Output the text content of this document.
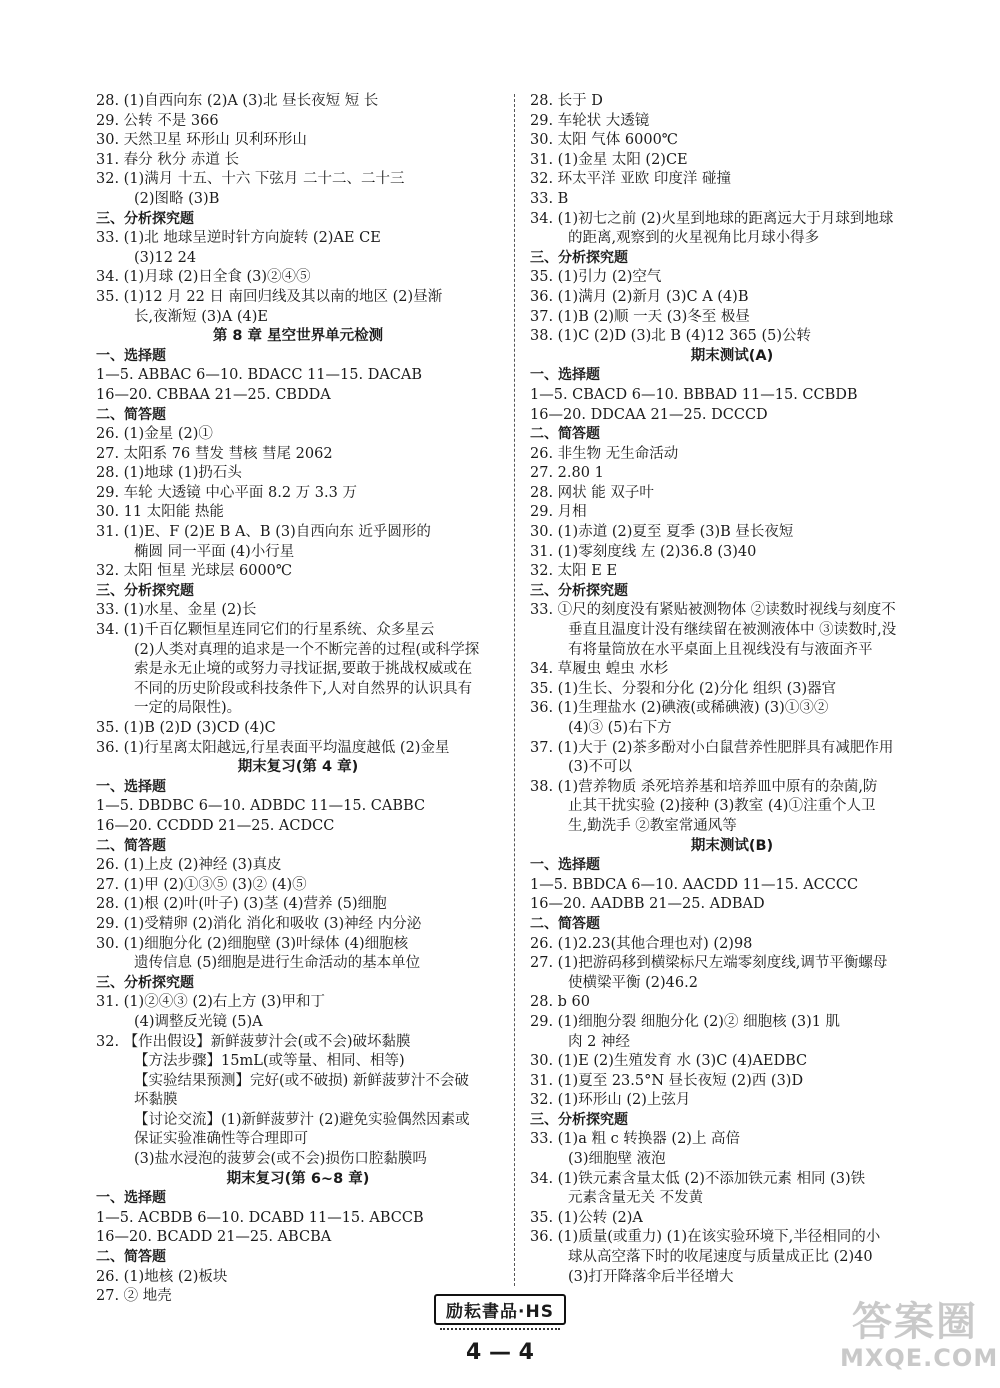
28. (1)自西向东 (2)A (3)北 昼长夜短 短 长
29. 公转 不是 366
30. 天然卫星 环形山 贝利环形山
31. 春分 秋分 赤道 长
32. (1)满月 十五、十六 下弦月 二十二、二十三
(2)图略 (3)B
三、分析探究题
33. (1)北 地球呈逆时针方向旋转 (2)AE CE
(3)12 24
34. (1)月球 (2)日全食 (3)②④⑤
35. (1)12 月 22 日 南回归线及其以南的地区 (2)昼渐
长,夜渐短 (3)A (4)E
第 8 章 星空世界单元检测
一、选择题
1—5. ABBAC 6—10. BDACC 11—15. DACAB
16—20. CBBAA 21—25. CBDDA
二、简答题
26. (1)金星 (2)①
27. 太阳系 76 彗发 彗核 彗尾 2062
28. (1)地球 (1)扔石头
29. 车轮 大透镜 中心平面 8.2 万 3.3 万
30. 11 太阳能 热能
31. (1)E、F (2)E B A、B (3)自西向东 近乎圆形的
椭圆 同一平面 (4)小行星
32. 太阳 恒星 光球层 6000℃
三、分析探究题
33. (1)水星、金星 (2)长
34. (1)千百亿颗恒星连同它们的行星系统、众多星云
(2)人类对真理的追求是一个不断完善的过程(或科学探
索是永无止境的或努力寻找证据,要敢于挑战权威或在
不同的历史阶段或科技条件下,人对自然界的认识具有
一定的局限性)。
35. (1)B (2)D (3)CD (4)C
36. (1)行星离太阳越远,行星表面平均温度越低 (2)金星
期末复习(第 4 章)
一、选择题
1—5. DBDBC 6—10. ADBDC 11—15. CABBC
16—20. CCDDD 21—25. ACDCC
二、简答题
26. (1)上皮 (2)神经 (3)真皮
27. (1)甲 (2)①③⑤ (3)② (4)⑤
28. (1)根 (2)叶(叶子) (3)茎 (4)营养 (5)细胞
29. (1)受精卵 (2)消化 消化和吸收 (3)神经 内分泌
30. (1)细胞分化 (2)细胞壁 (3)叶绿体 (4)细胞核
遗传信息 (5)细胞是进行生命活动的基本单位
三、分析探究题
31. (1)②④③ (2)右上方 (3)甲和丁
(4)调整反光镜 (5)A
32. 【作出假设】新鲜菠萝汁会(或不会)破坏黏膜
【方法步骤】15mL(或等量、相同、相等)
【实验结果预测】完好(或不破损) 新鲜菠萝汁不会破
坏黏膜
【讨论交流】(1)新鲜菠萝汁 (2)避免实验偶然因素或
保证实验准确性等合理即可
(3)盐水浸泡的菠萝会(或不会)损伤口腔黏膜吗
期末复习(第 6~8 章)
一、选择题
1—5. ACBDB 6—10. DCABD 11—15. ABCCB
16—20. BCADD 21—25. ABCBA
二、简答题
26. (1)地核 (2)板块
27. ② 地壳
28. 长于 D
29. 车轮状 大透镜
30. 太阳 气体 6000℃
31. (1)金星 太阳 (2)CE
32. 环太平洋 亚欧 印度洋 碰撞
33. B
34. (1)初七之前 (2)火星到地球的距离远大于月球到地球
的距离,观察到的火星视角比月球小得多
三、分析探究题
35. (1)引力 (2)空气
36. (1)满月 (2)新月 (3)C A (4)B
37. (1)B (2)顺 一天 (3)冬至 极昼
38. (1)C (2)D (3)北 B (4)12 365 (5)公转
期末测试(A)
一、选择题
1—5. CBACD 6—10. BBBAD 11—15. CCBDB
16—20. DDCAA 21—25. DCCCD
二、简答题
26. 非生物 无生命活动
27. 2.80 1
28. 网状 能 双子叶
29. 月相
30. (1)赤道 (2)夏至 夏季 (3)B 昼长夜短
31. (1)零刻度线 左 (2)36.8 (3)40
32. 太阳 E E
三、分析探究题
33. ①尺的刻度没有紧贴被测物体 ②读数时视线与刻度不
垂直且温度计没有继续留在被测液体中 ③读数时,没
有将量筒放在水平桌面上且视线没有与液面齐平
34. 草履虫 蝗虫 水杉
35. (1)生长、分裂和分化 (2)分化 组织 (3)器官
36. (1)生理盐水 (2)碘液(或稀碘液) (3)①③②
(4)③ (5)右下方
37. (1)大于 (2)茶多酚对小白鼠营养性肥胖具有减肥作用
(3)不可以
38. (1)营养物质 杀死培养基和培养皿中原有的杂菌,防
止其干扰实验 (2)接种 (3)教室 (4)①注重个人卫
生,勤洗手 ②教室常通风等
期末测试(B)
一、选择题
1—5. BBDCA 6—10. AACDD 11—15. ACCCC
16—20. AADBB 21—25. ADBAD
二、简答题
26. (1)2.23(其他合理也对) (2)98
27. (1)把游码移到横梁标尺左端零刻度线,调节平衡螺母
使横梁平衡 (2)46.2
28. b 60
29. (1)细胞分裂 细胞分化 (2)② 细胞核 (3)1 肌
肉 2 神经
30. (1)E (2)生殖发育 水 (3)C (4)AEDBC
31. (1)夏至 23.5°N 昼长夜短 (2)西 (3)D
32. (1)环形山 (2)上弦月
三、分析探究题
33. (1)a 粗 c 转换器 (2)上 高倍
(3)细胞壁 液泡
34. (1)铁元素含量太低 (2)不添加铁元素 相同 (3)铁
元素含量无关 不发黄
35. (1)公转 (2)A
36. (1)质量(或重力) (1)在该实验环境下,半径相同的小
球从高空落下时的收尾速度与质量成正比 (2)40
(3)打开降落伞后半径增大
励耘書品·HS
4 — 4
答案圈
MXQE.COM
